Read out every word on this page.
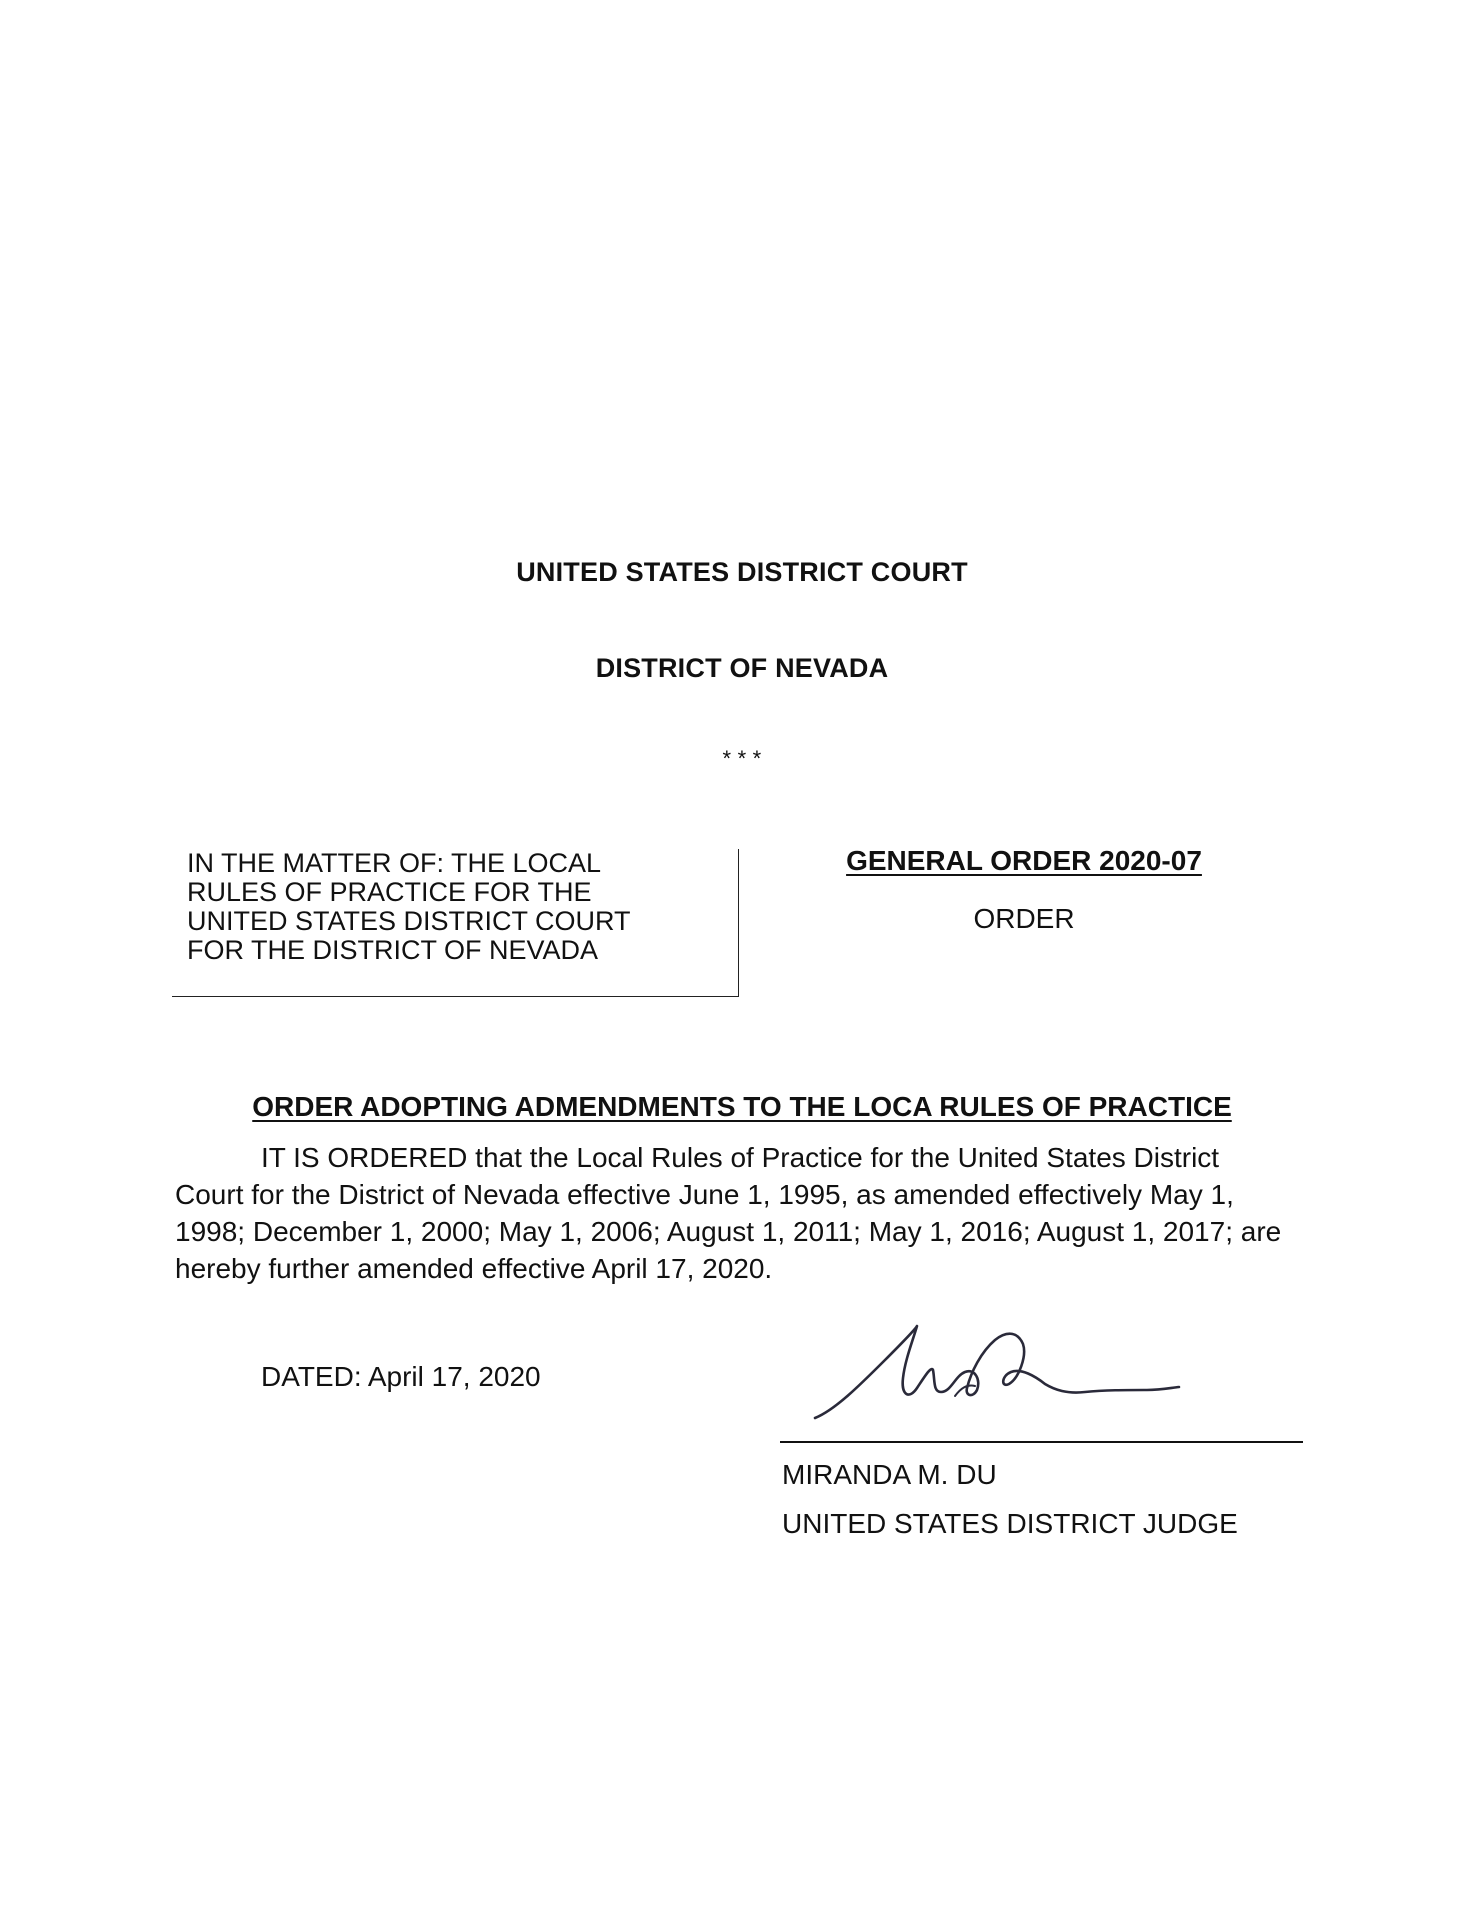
UNITED STATES DISTRICT COURT
DISTRICT OF NEVADA
* * *
IN THE MATTER OF: THE LOCAL
RULES OF PRACTICE FOR THE
UNITED STATES DISTRICT COURT
FOR THE DISTRICT OF NEVADA
GENERAL ORDER 2020-07
ORDER
ORDER ADOPTING ADMENDMENTS TO THE LOCA RULES OF PRACTICE
IT IS ORDERED that the Local Rules of Practice for the United States District Court for the District of Nevada effective June 1, 1995, as amended effectively May 1, 1998; December 1, 2000; May 1, 2006; August 1, 2011; May 1, 2016; August 1, 2017; are hereby further amended effective April 17, 2020.
DATED: April 17, 2020
MIRANDA M. DU
UNITED STATES DISTRICT JUDGE
